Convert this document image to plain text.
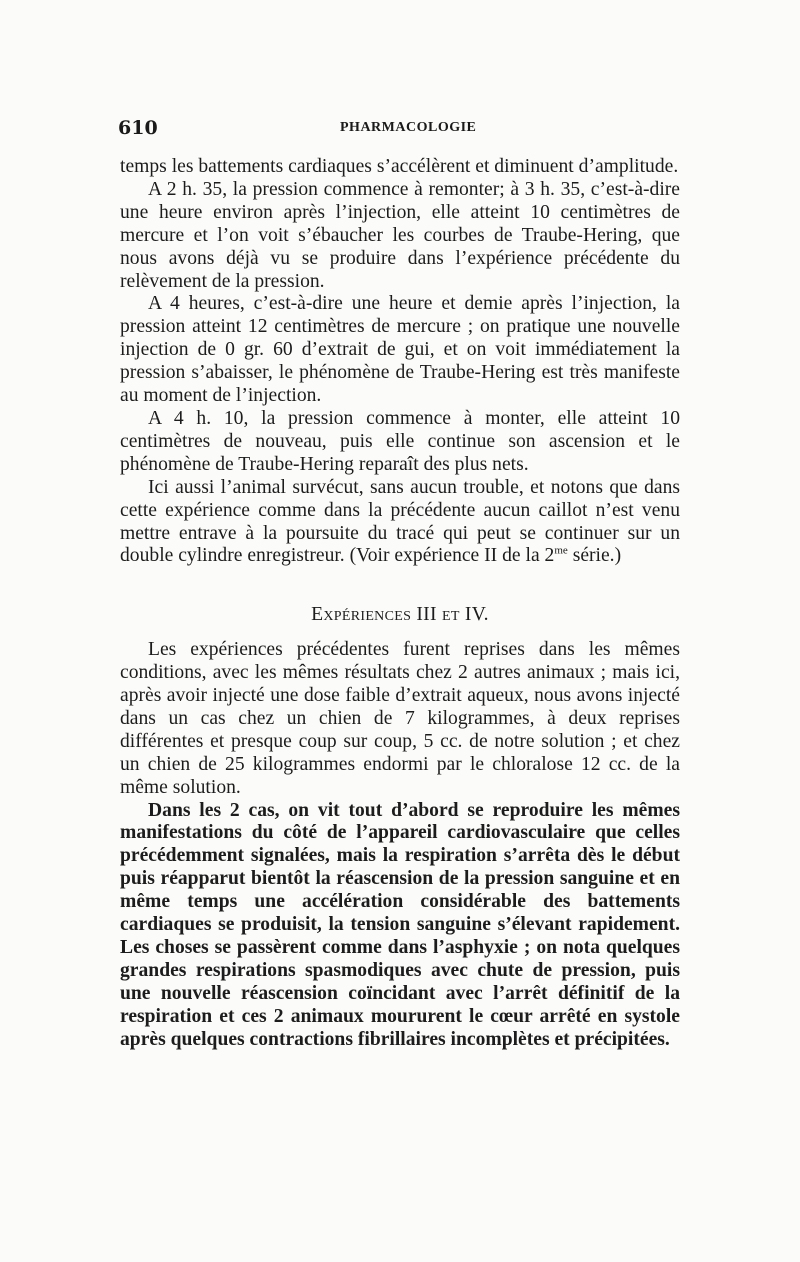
610	PHARMACOLOGIE

temps les battements cardiaques s’accélèrent et diminuent d’amplitude.

A 2 h. 35, la pression commence à remonter; à 3 h. 35, c’est-à-dire une heure environ après l’injection, elle atteint 10 centimètres de mercure et l’on voit s’ébaucher les courbes de Traube-Hering, que nous avons déjà vu se produire dans l’expérience précédente du relèvement de la pression.

A 4 heures, c’est-à-dire une heure et demie après l’injection, la pression atteint 12 centimètres de mercure ; on pratique une nouvelle injection de 0 gr. 60 d’extrait de gui, et on voit immédiatement la pression s’abaisser, le phénomène de Traube-Hering est très manifeste au moment de l’injection.

A 4 h. 10, la pression commence à monter, elle atteint 10 centimètres de nouveau, puis elle continue son ascension et le phénomène de Traube-Hering reparaît des plus nets.

Ici aussi l’animal survécut, sans aucun trouble, et notons que dans cette expérience comme dans la précédente aucun caillot n’est venu mettre entrave à la poursuite du tracé qui peut se continuer sur un double cylindre enregistreur. (Voir expérience II de la $2^{me}$ série.)

Expériences III et IV.

Les expériences précédentes furent reprises dans les mêmes conditions, avec les mêmes résultats chez 2 autres animaux ; mais ici, après avoir injecté une dose faible d’extrait aqueux, nous avons injecté dans un cas chez un chien de 7 kilogrammes, à deux reprises différentes et presque coup sur coup, 5 cc. de notre solution ; et chez un chien de 25 kilogrammes endormi par le chloralose 12 cc. de la même solution.

Dans les 2 cas, on vit tout d’abord se reproduire les mêmes manifestations du côté de l’appareil cardiovasculaire que celles précédemment signalées, mais la respiration s’arrêta dès le début puis réapparut bientôt la réascension de la pression sanguine et en même temps une accélération considérable des battements cardiaques se produisit, la tension sanguine s’élevant rapidement. Les choses se passèrent comme dans l’asphyxie ; on nota quelques grandes respirations spasmodiques avec chute de pression, puis une nouvelle réascension coïncidant avec l’arrêt définitif de la respiration et ces 2 animaux moururent le cœur arrêté en systole après quelques contractions fibrillaires incomplètes et précipitées.
